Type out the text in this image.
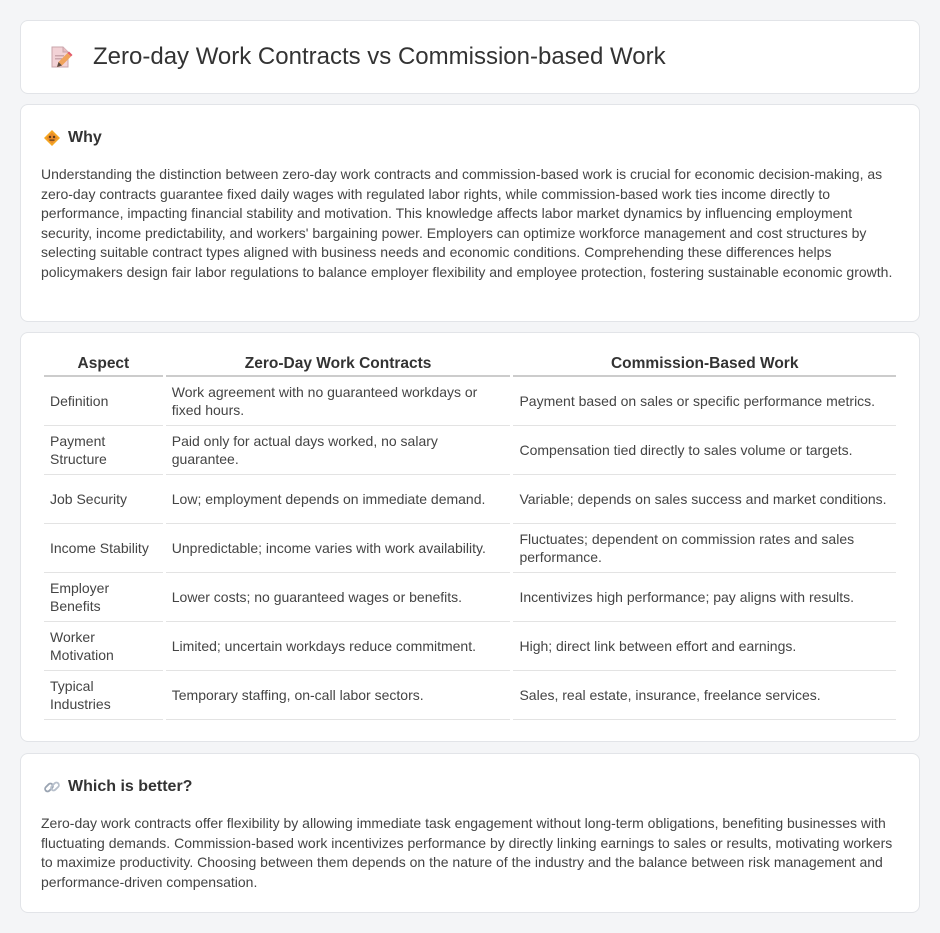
Zero-day Work Contracts vs Commission-based Work
Why

Understanding the distinction between zero-day work contracts and commission-based work is crucial for economic decision-making, as zero-day contracts guarantee fixed daily wages with regulated labor rights, while commission-based work ties income directly to performance, impacting financial stability and motivation. This knowledge affects labor market dynamics by influencing employment security, income predictability, and workers' bargaining power. Employers can optimize workforce management and cost structures by selecting suitable contract types aligned with business needs and economic conditions. Comprehending these differences helps policymakers design fair labor regulations to balance employer flexibility and employee protection, fostering sustainable economic growth.

Aspect	Zero-Day Work Contracts	Commission-Based Work
Definition	Work agreement with no guaranteed workdays or fixed hours.	Payment based on sales or specific performance metrics.
Payment Structure	Paid only for actual days worked, no salary guarantee.	Compensation tied directly to sales volume or targets.
Job Security	Low; employment depends on immediate demand.	Variable; depends on sales success and market conditions.
Income Stability	Unpredictable; income varies with work availability.	Fluctuates; dependent on commission rates and sales performance.
Employer Benefits	Lower costs; no guaranteed wages or benefits.	Incentivizes high performance; pay aligns with results.
Worker Motivation	Limited; uncertain workdays reduce commitment.	High; direct link between effort and earnings.
Typical Industries	Temporary staffing, on-call labor sectors.	Sales, real estate, insurance, freelance services.
Which is better?

Zero-day work contracts offer flexibility by allowing immediate task engagement without long-term obligations, benefiting businesses with fluctuating demands. Commission-based work incentivizes performance by directly linking earnings to sales or results, motivating workers to maximize productivity. Choosing between them depends on the nature of the industry and the balance between risk management and performance-driven compensation.
